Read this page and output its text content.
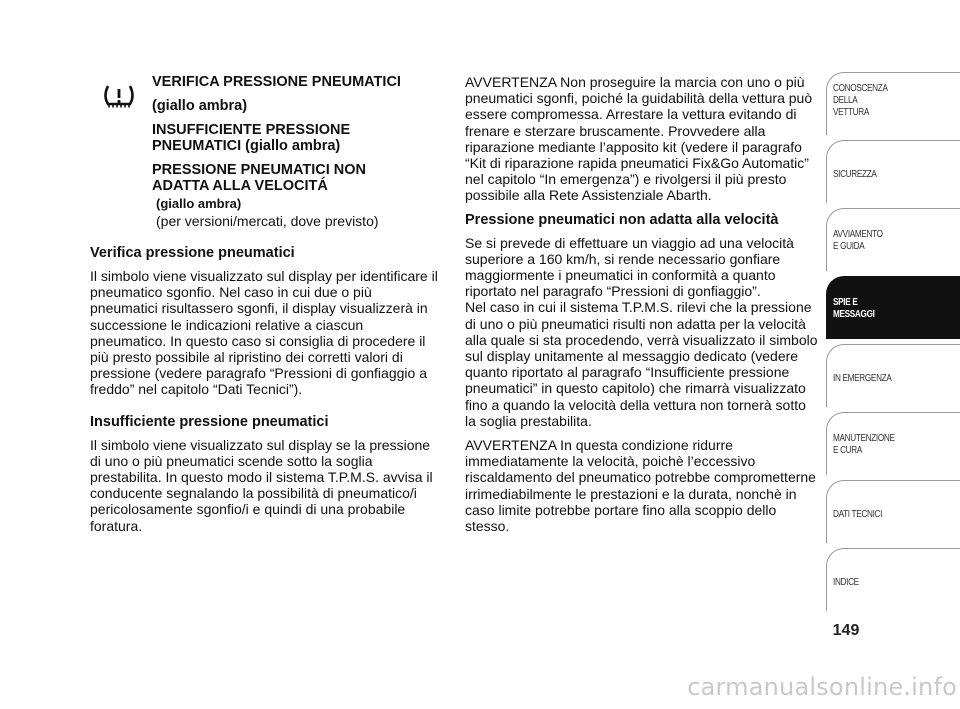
VERIFICA PRESSIONE PNEUMATICI

(giallo ambra)

INSUFFICIENTE PRESSIONE

PNEUMATICI (giallo ambra)

PRESSIONE PNEUMATICI NON

ADATTA ALLA VELOCITÁ

(giallo ambra)

(per versioni/mercati, dove previsto)

Verifica pressione pneumatici

Il simbolo viene visualizzato sul display per identificare il pneumatico sgonfio. Nel caso in cui due o più pneumatici risultassero sgonfi, il display visualizzerà in successione le indicazioni relative a ciascun pneumatico. In questo caso si consiglia di procedere il più presto possibile al ripristino dei corretti valori di pressione (vedere paragrafo “Pressioni di gonfiaggio a freddo” nel capitolo “Dati Tecnici”).

Insufficiente pressione pneumatici

Il simbolo viene visualizzato sul display se la pressione di uno o più pneumatici scende sotto la soglia prestabilita. In questo modo il sistema T.P.M.S. avvisa il conducente segnalando la possibilità di pneumatico/i pericolosamente sgonfio/i e quindi di una probabile foratura.

AVVERTENZA Non proseguire la marcia con uno o più pneumatici sgonfi, poiché la guidabilità della vettura può essere compromessa. Arrestare la vettura evitando di frenare e sterzare bruscamente. Provvedere alla riparazione mediante l’apposito kit (vedere il paragrafo “Kit di riparazione rapida pneumatici Fix&Go Automatic” nel capitolo “In emergenza”) e rivolgersi il più presto possibile alla Rete Assistenziale Abarth.

Pressione pneumatici non adatta alla velocità

Se si prevede di effettuare un viaggio ad una velocità superiore a 160 km/h, si rende necessario gonfiare maggiormente i pneumatici in conformità a quanto riportato nel paragrafo “Pressioni di gonfiaggio”.

Nel caso in cui il sistema T.P.M.S. rilevi che la pressione di uno o più pneumatici risulti non adatta per la velocità alla quale si sta procedendo, verrà visualizzato il simbolo sul display unitamente al messaggio dedicato (vedere quanto riportato al paragrafo “Insufficiente pressione pneumatici” in questo capitolo) che rimarrà visualizzato fino a quando la velocità della vettura non tornerà sotto la soglia prestabilita.

AVVERTENZA In questa condizione ridurre immediatamente la velocità, poichè l’eccessivo riscaldamento del pneumatico potrebbe comprometterne irrimediabilmente le prestazioni e la durata, nonchè in caso limite potrebbe portare fino alla scoppio dello stesso.

CONOSCENZA
DELLA
VETTURA
SICUREZZA
AVVIAMENTO
E GUIDA
SPIE E
MESSAGGI
IN EMERGENZA
MANUTENZIONE
E CURA
DATI TECNICI
INDICE
149
carmanualsonline.info
